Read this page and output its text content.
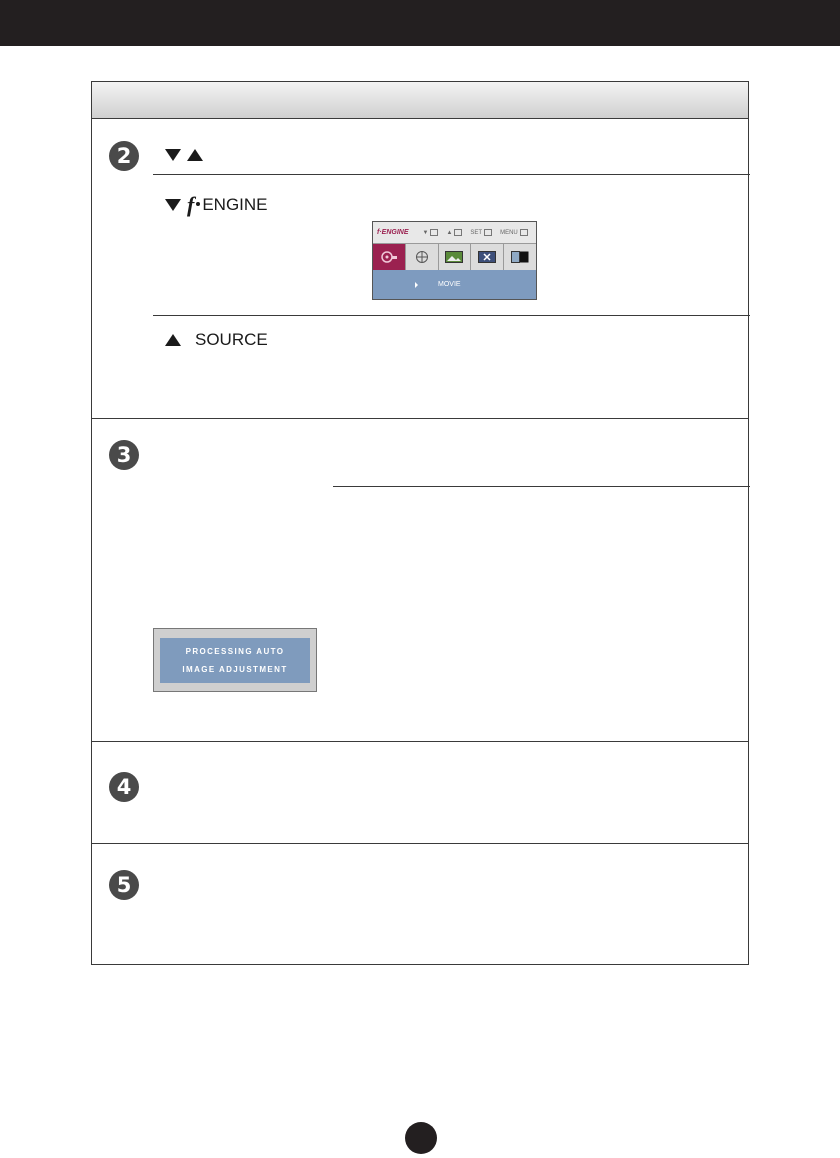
2
f ENGINE
SOURCE
3
4
5
f·ENGINE ▼	▲	SET	MENU
MOVIE
PROCESSING AUTO
IMAGE ADJUSTMENT
